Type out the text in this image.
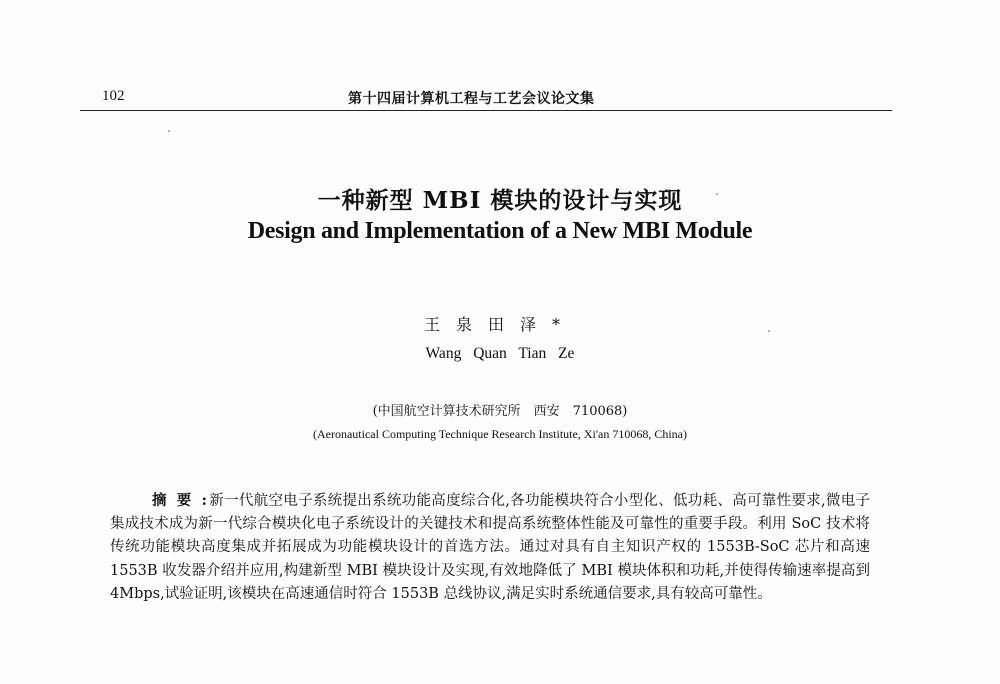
102	第十四届计算机工程与工艺会议论文集
一种新型 MBI 模块的设计与实现
Design and Implementation of a New MBI Module
王泉田泽*
Wang Quan Tian Ze
(中国航空计算技术研究所　西安　710068)
(Aeronautical Computing Technique Research Institute, Xi'an 710068, China)
摘要: 新一代航空电子系统提出系统功能高度综合化,各功能模块符合小型化、低功耗、高可靠性要求,微电子集成技术成为新一代综合模块化电子系统设计的关键技术和提高系统整体性能及可靠性的重要手段。利用 SoC 技术将传统功能模块高度集成并拓展成为功能模块设计的首选方法。通过对具有自主知识产权的 1553B-SoC 芯片和高速 1553B 收发器介绍并应用,构建新型 MBI 模块设计及实现,有效地降低了 MBI 模块体积和功耗,并使得传输速率提高到 4Mbps,试验证明,该模块在高速通信时符合 1553B 总线协议,满足实时系统通信要求,具有较高可靠性。
